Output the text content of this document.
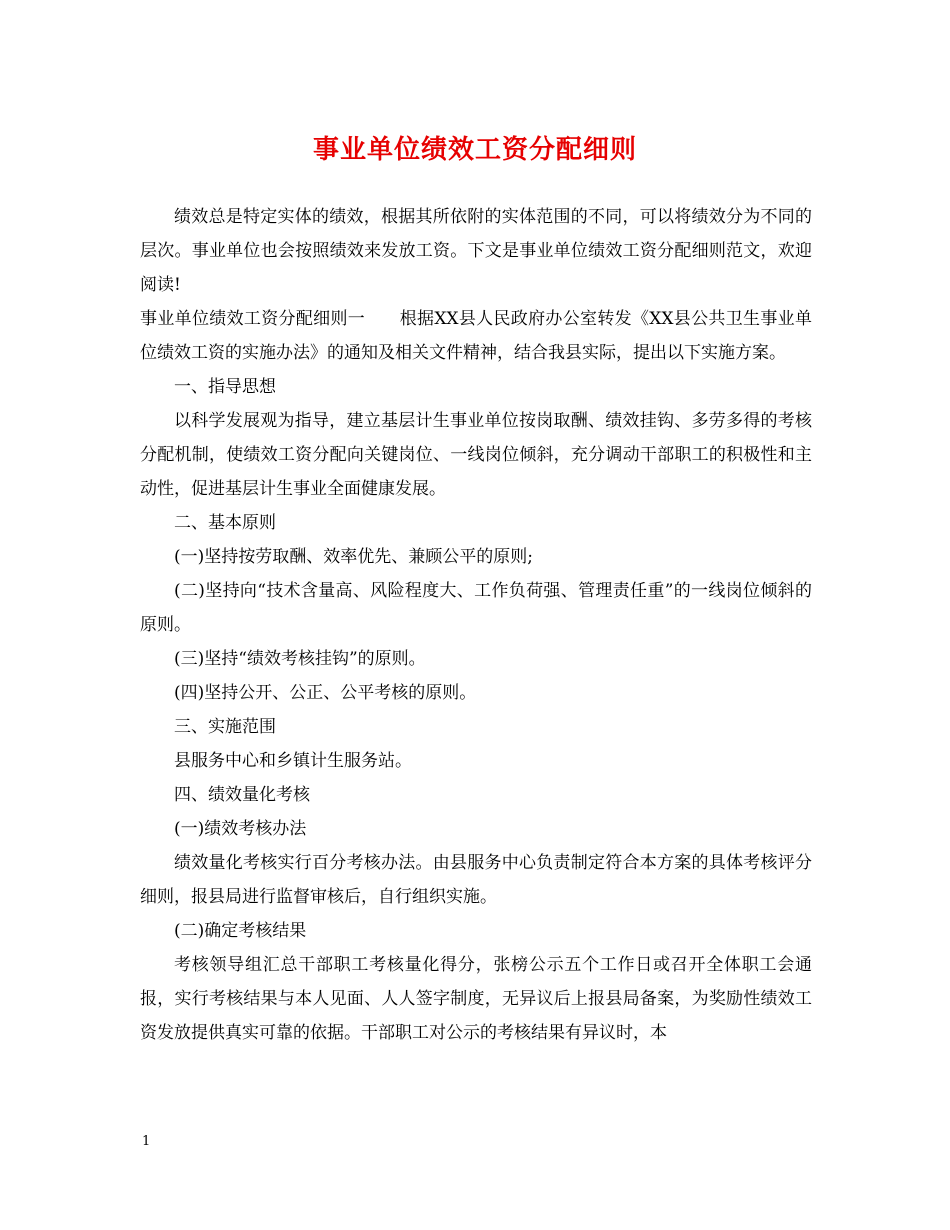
事业单位绩效工资分配细则

绩效总是特定实体的绩效，根据其所依附的实体范围的不同，可以将绩效分为不同的层次。事业单位也会按照绩效来发放工资。下文是事业单位绩效工资分配细则范文，欢迎阅读!

事业单位绩效工资分配细则一　　根据XX县人民政府办公室转发《XX县公共卫生事业单位绩效工资的实施办法》的通知及相关文件精神，结合我县实际，提出以下实施方案。

一、指导思想

以科学发展观为指导，建立基层计生事业单位按岗取酬、绩效挂钩、多劳多得的考核分配机制，使绩效工资分配向关键岗位、一线岗位倾斜，充分调动干部职工的积极性和主动性，促进基层计生事业全面健康发展。

二、基本原则

(一)坚持按劳取酬、效率优先、兼顾公平的原则;

(二)坚持向“技术含量高、风险程度大、工作负荷强、管理责任重”的一线岗位倾斜的原则。

(三)坚持“绩效考核挂钩”的原则。

(四)坚持公开、公正、公平考核的原则。

三、实施范围

县服务中心和乡镇计生服务站。

四、绩效量化考核

(一)绩效考核办法

绩效量化考核实行百分考核办法。由县服务中心负责制定符合本方案的具体考核评分细则，报县局进行监督审核后，自行组织实施。

(二)确定考核结果

考核领导组汇总干部职工考核量化得分，张榜公示五个工作日或召开全体职工会通报，实行考核结果与本人见面、人人签字制度，无异议后上报县局备案，为奖励性绩效工资发放提供真实可靠的依据。干部职工对公示的考核结果有异议时，本

1
